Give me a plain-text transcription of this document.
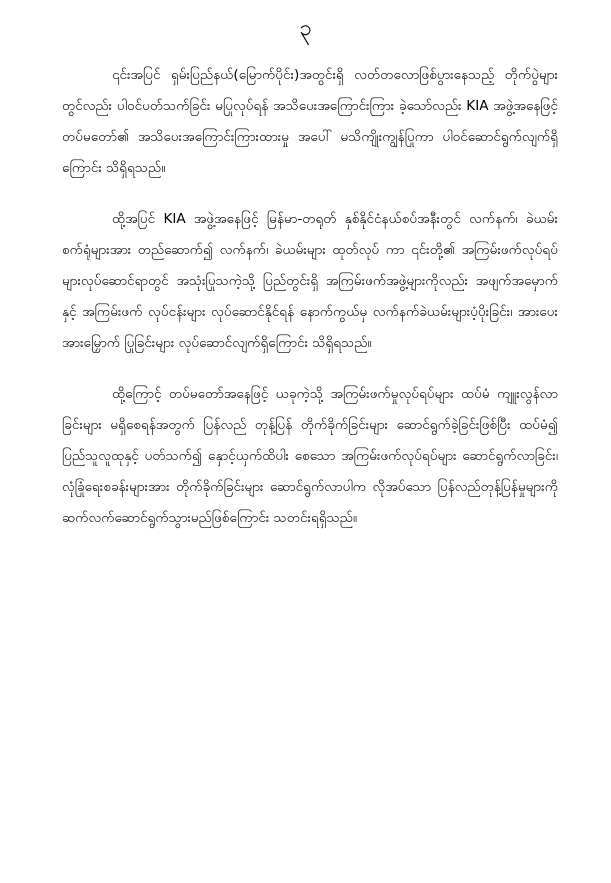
၃

၎င်းအပြင် ရှမ်းပြည်နယ်(မြောက်ပိုင်း)အတွင်းရှိ လတ်တလောဖြစ်ပွားနေသည့် တိုက်ပွဲများတွင်လည်း ပါဝင်ပတ်သက်ခြင်း မပြုလုပ်ရန် အသိပေးအကြောင်းကြား ခဲ့သော်လည်း KIA အဖွဲ့အနေဖြင့် တပ်မတော်၏ အသိပေးအကြောင်းကြားထားမှု အပေါ် မသိကျိုးကျွန်ပြုကာ ပါဝင်ဆောင်ရွက်လျက်ရှိကြောင်း သိရှိရသည်။

ထို့အပြင် KIA အဖွဲ့အနေဖြင့် မြန်မာ-တရုတ် နှစ်နိုင်ငံနယ်စပ်အနီးတွင် လက်နက်၊ ခဲယမ်းစက်ရုံများအား တည်ဆောက်၍ လက်နက်၊ ခဲယမ်းများ ထုတ်လုပ် ကာ ၎င်းတို့၏ အကြမ်းဖက်လုပ်ရပ်များလုပ်ဆောင်ရာတွင် အသုံးပြုသကဲ့သို့ ပြည်တွင်းရှိ အကြမ်းဖက်အဖွဲ့များကိုလည်း အဖျက်အမှောက်နှင့် အကြမ်းဖက် လုပ်ငန်းများ လုပ်ဆောင်နိုင်ရန် နောက်ကွယ်မှ လက်နက်ခဲယမ်းများပံ့ပိုးခြင်း၊ အားပေးအားမြှောက် ပြုခြင်းများ လုပ်ဆောင်လျက်ရှိကြောင်း သိရှိရသည်။

ထို့ကြောင့် တပ်မတော်အနေဖြင့် ယခုကဲ့သို့ အကြမ်းဖက်မှုလုပ်ရပ်များ ထပ်မံ ကျူးလွန်လာခြင်းများ မရှိစေရန်အတွက် ပြန်လည် တုန့်ပြန် တိုက်ခိုက်ခြင်းများ ဆောင်ရွက်ခဲ့ခြင်းဖြစ်ပြီး ထပ်မံ၍ ပြည်သူလူထုနှင့် ပတ်သက်၍ နှောင့်ယှက်ထိပါး စေသော အကြမ်းဖက်လုပ်ရပ်များ ဆောင်ရွက်လာခြင်း၊ လုံခြုံရေးစခန်းများအား တိုက်ခိုက်ခြင်းများ ဆောင်ရွက်လာပါက လိုအပ်သော ပြန်လည်တုန့်ပြန်မှုများကို ဆက်လက်ဆောင်ရွက်သွားမည်ဖြစ်ကြောင်း သတင်းရရှိသည်။
